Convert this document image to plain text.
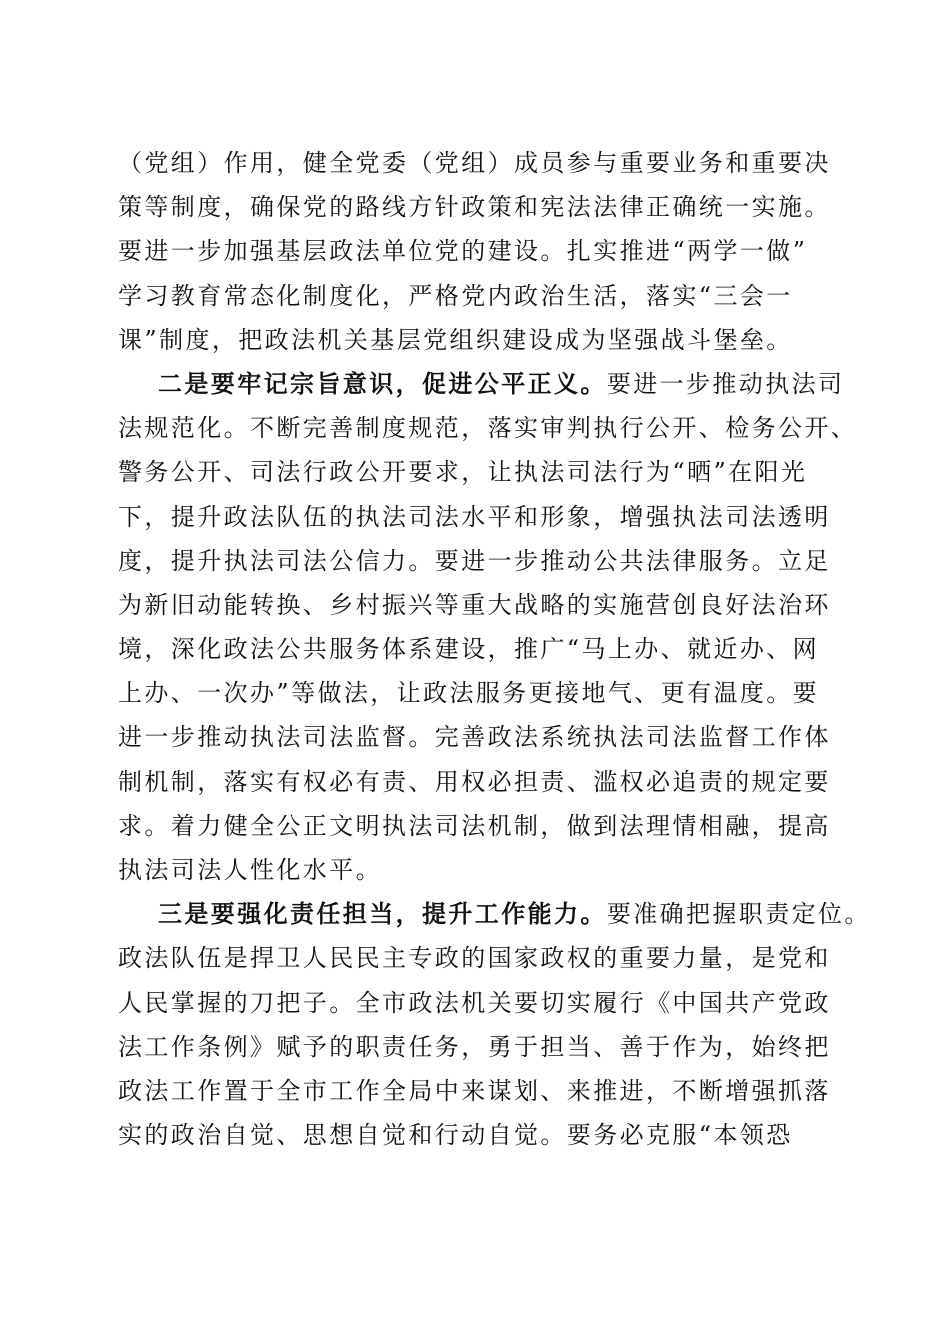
（党组）作用，健全党委（党组）成员参与重要业务和重要决
策等制度，确保党的路线方针政策和宪法法律正确统一实施。
要进一步加强基层政法单位党的建设。扎实推进“两学一做”
学习教育常态化制度化，严格党内政治生活，落实“三会一
课”制度，把政法机关基层党组织建设成为坚强战斗堡垒。
二是要牢记宗旨意识，促进公平正义。要进一步推动执法司
法规范化。不断完善制度规范，落实审判执行公开、检务公开、
警务公开、司法行政公开要求，让执法司法行为“晒”在阳光
下，提升政法队伍的执法司法水平和形象，增强执法司法透明
度，提升执法司法公信力。要进一步推动公共法律服务。立足
为新旧动能转换、乡村振兴等重大战略的实施营创良好法治环
境，深化政法公共服务体系建设，推广“马上办、就近办、网
上办、一次办”等做法，让政法服务更接地气、更有温度。要
进一步推动执法司法监督。完善政法系统执法司法监督工作体
制机制，落实有权必有责、用权必担责、滥权必追责的规定要
求。着力健全公正文明执法司法机制，做到法理情相融，提高
执法司法人性化水平。
三是要强化责任担当，提升工作能力。要准确把握职责定位。
政法队伍是捍卫人民民主专政的国家政权的重要力量，是党和
人民掌握的刀把子。全市政法机关要切实履行《中国共产党政
法工作条例》赋予的职责任务，勇于担当、善于作为，始终把
政法工作置于全市工作全局中来谋划、来推进，不断增强抓落
实的政治自觉、思想自觉和行动自觉。要务必克服“本领恐
